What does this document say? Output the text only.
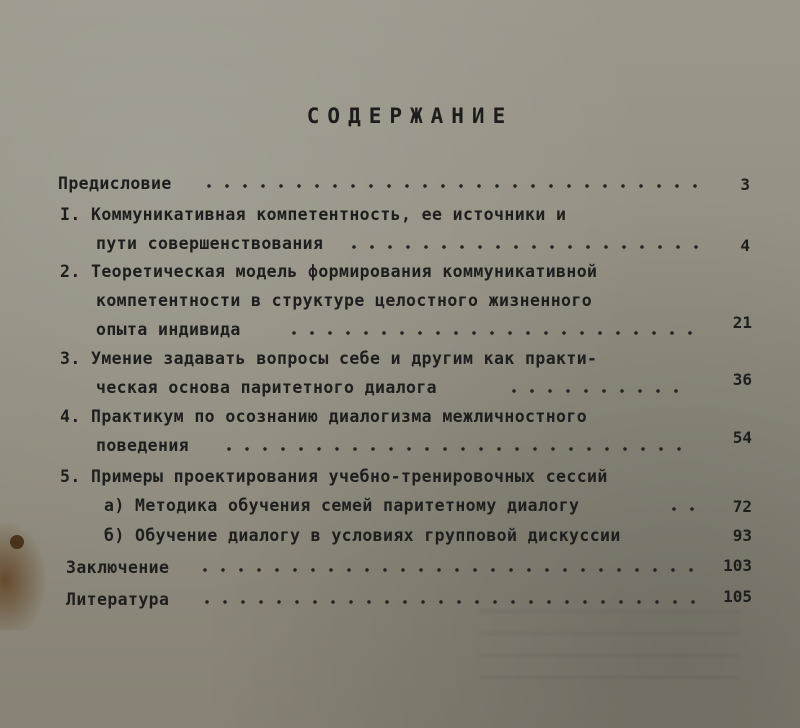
СОДЕРЖАНИЕ
Предисловие	3
I. Коммуникативная компетентность, ее источники и
пути совершенствования	4
2. Теоретическая модель формирования коммуникативной
компетентности в структуре целостного жизненного
опыта индивида	21
3. Умение задавать вопросы себе и другим как практи-
ческая основа паритетного диалога	36
4. Практикум по осознанию диалогизма межличностного
поведения	54
5. Примеры проектирования учебно-тренировочных сессий
а) Методика обучения семей паритетному диалогу	72
б) Обучение диалогу в условиях групповой дискуссии	93
Заключение	103
Литература	105
